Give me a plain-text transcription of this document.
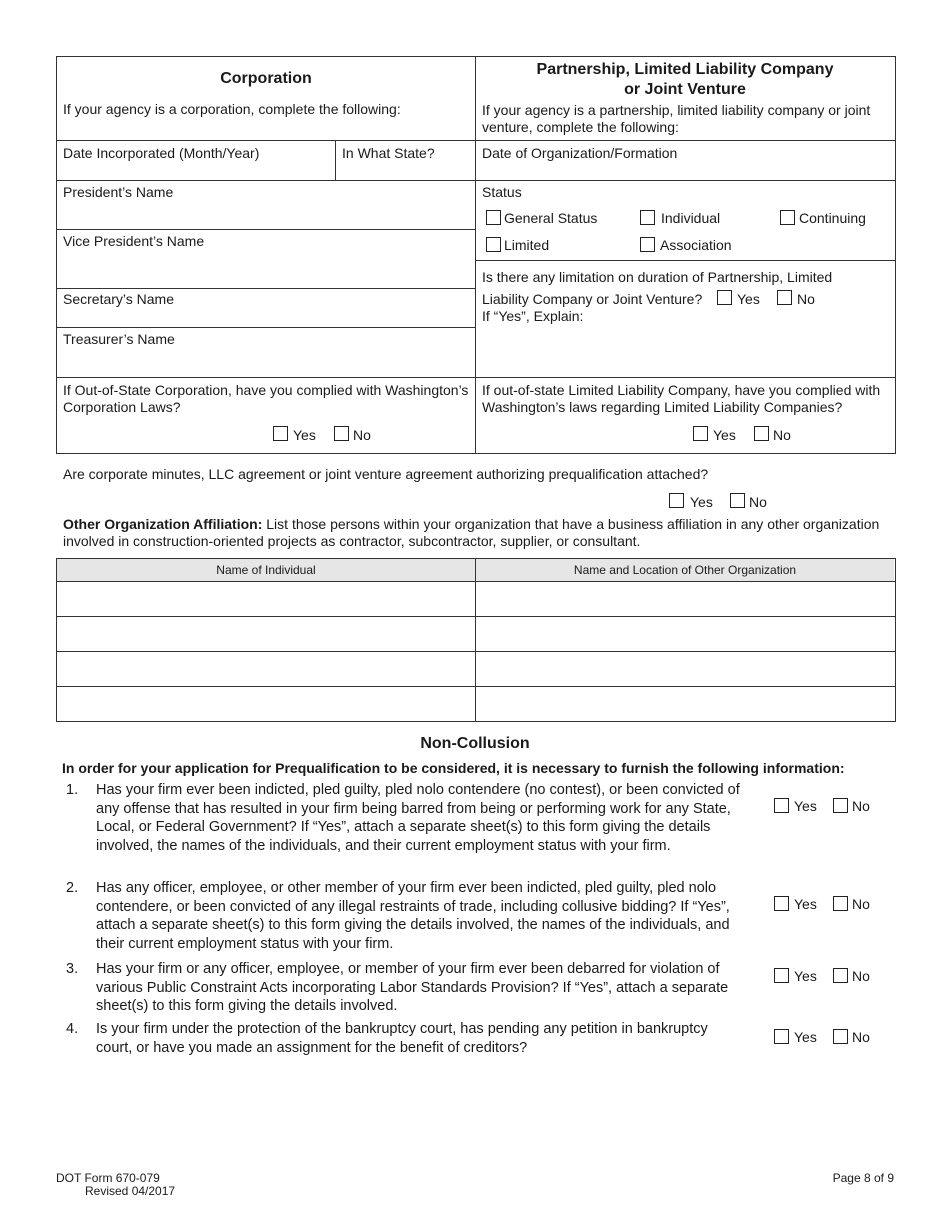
Corporation
If your agency is a corporation, complete the following:
Date Incorporated (Month/Year)	In What State?
President’s Name
Vice President’s Name
Secretary’s Name
Treasurer’s Name
If Out-of-State Corporation, have you complied with Washington’s Corporation Laws?
Yes	No
Partnership, Limited Liability Company
or Joint Venture
If your agency is a partnership, limited liability company or joint venture, complete the following:
Date of Organization/Formation
Status
General Status	Individual	Continuing
Limited	Association
Is there any limitation on duration of Partnership, Limited
Liability Company or Joint Venture? Yes	No
If “Yes”, Explain:
If out-of-state Limited Liability Company, have you complied with Washington’s laws regarding Limited Liability Companies?
Yes	No
Are corporate minutes, LLC agreement or joint venture agreement authorizing prequalification attached?
Yes	No
Other Organization Affiliation: List those persons within your organization that have a business affiliation in any other organization involved in construction-oriented projects as contractor, subcontractor, supplier, or consultant.
Name of Individual	Name and Location of Other Organization
Non-Collusion
In order for your application for Prequalification to be considered, it is necessary to furnish the following information:
1. Has your firm ever been indicted, pled guilty, pled nolo contendere (no contest), or been convicted of any offense that has resulted in your firm being barred from being or performing work for any State, Local, or Federal Government? If “Yes”, attach a separate sheet(s) to this form giving the details involved, the names of the individuals, and their current employment status with your firm.
Yes	No
2. Has any officer, employee, or other member of your firm ever been indicted, pled guilty, pled nolo contendere, or been convicted of any illegal restraints of trade, including collusive bidding? If “Yes”, attach a separate sheet(s) to this form giving the details involved, the names of the individuals, and their current employment status with your firm.
Yes	No
3. Has your firm or any officer, employee, or member of your firm ever been debarred for violation of various Public Constraint Acts incorporating Labor Standards Provision? If “Yes”, attach a separate sheet(s) to this form giving the details involved.
Yes	No
4. Is your firm under the protection of the bankruptcy court, has pending any petition in bankruptcy court, or have you made an assignment for the benefit of creditors?
Yes	No
DOT Form 670-079
Revised 04/2017
Page 8 of 9
